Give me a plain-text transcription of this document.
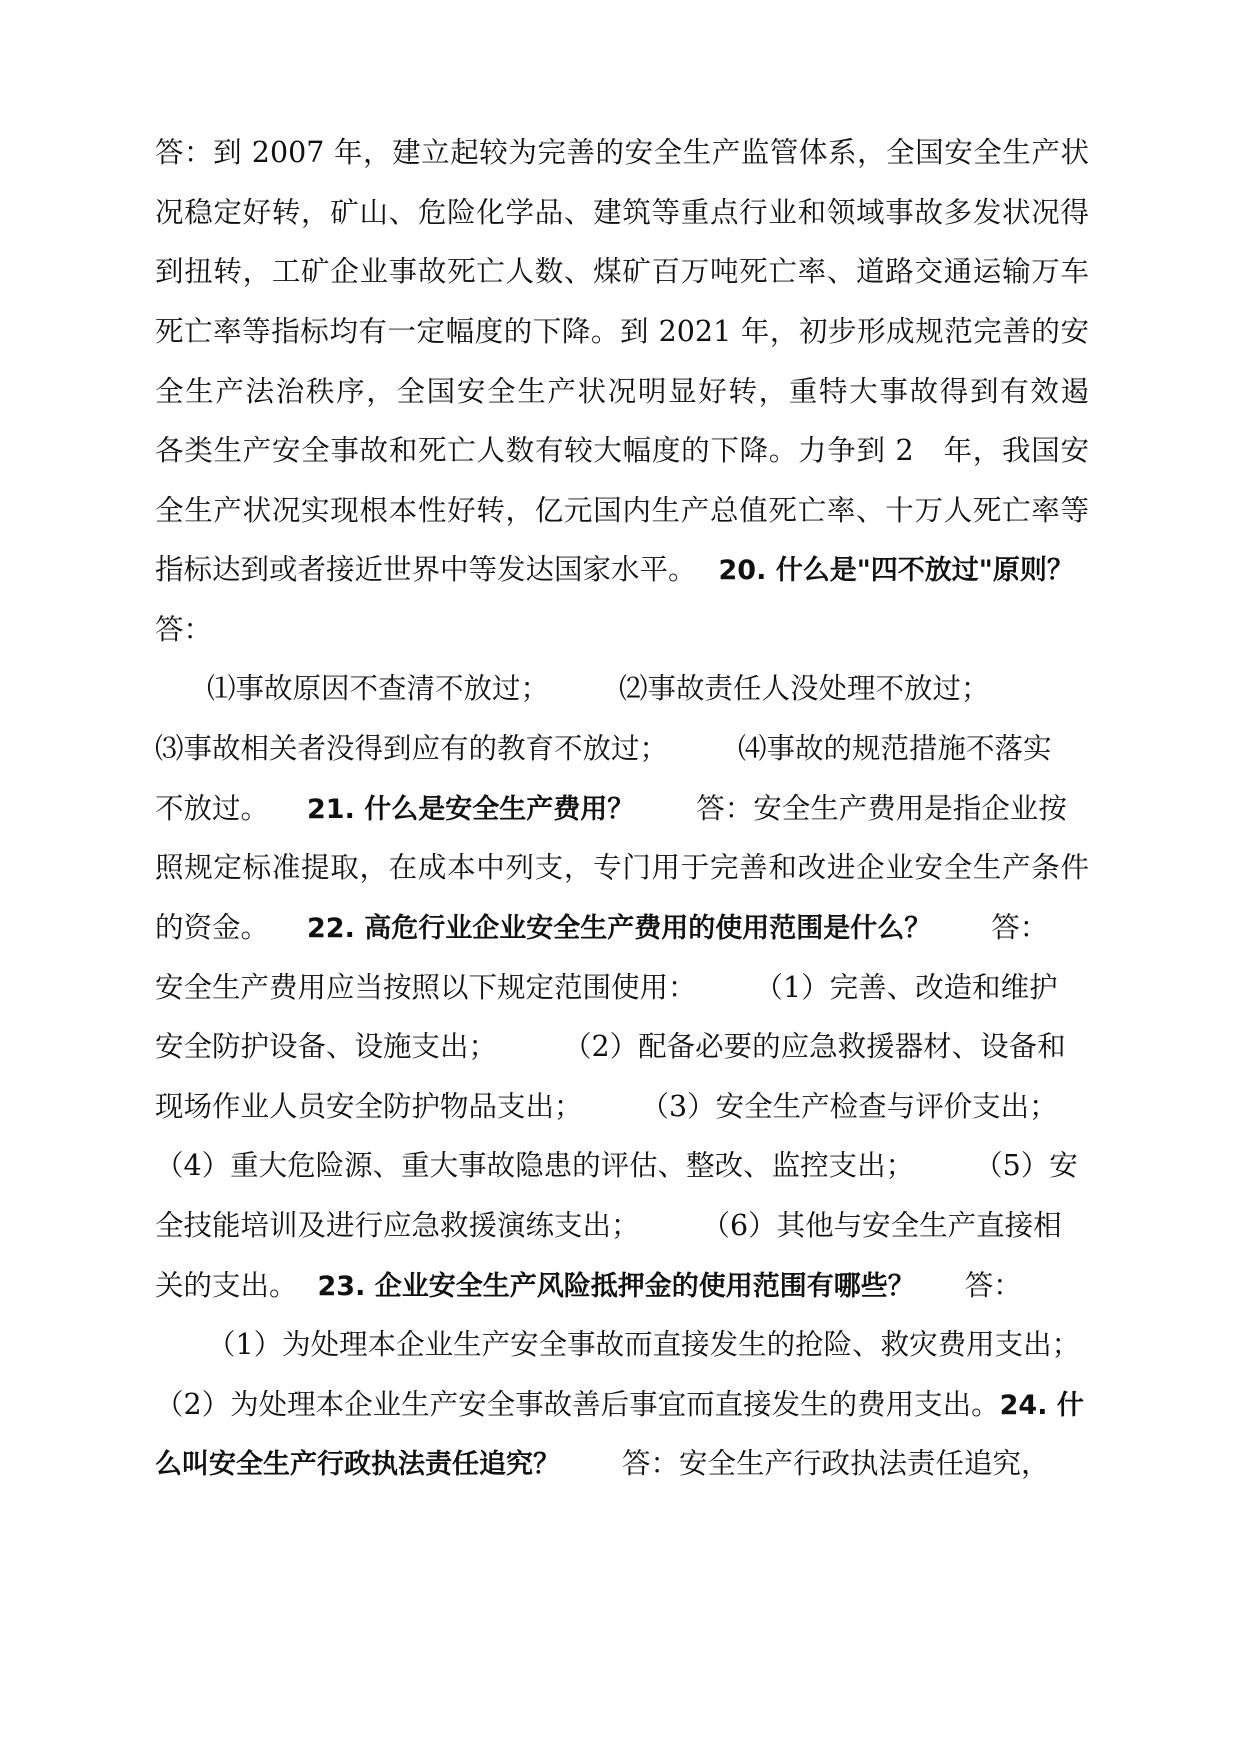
答：到 2007 年，建立起较为完善的安全生产监管体系，全国安全生产状
况稳定好转，矿山、危险化学品、建筑等重点行业和领域事故多发状况得
到扭转，工矿企业事故死亡人数、煤矿百万吨死亡率、道路交通运输万车
死亡率等指标均有一定幅度的下降。到 2021 年，初步形成规范完善的安
全生产法治秩序，全国安全生产状况明显好转，重特大事故得到有效遏
各类生产安全事故和死亡人数有较大幅度的下降。力争到 2　年，我国安
全生产状况实现根本性好转，亿元国内生产总值死亡率、十万人死亡率等
指标达到或者接近世界中等发达国家水平。 20. 什么是"四不放过"原则？
答：
⑴事故原因不查清不放过； ⑵事故责任人没处理不放过；
⑶事故相关者没得到应有的教育不放过； ⑷事故的规范措施不落实
不放过。 21. 什么是安全生产费用？ 答：安全生产费用是指企业按
照规定标准提取，在成本中列支，专门用于完善和改进企业安全生产条件
的资金。 22. 高危行业企业安全生产费用的使用范围是什么？ 答：
安全生产费用应当按照以下规定范围使用： （1）完善、改造和维护
安全防护设备、设施支出； （2）配备必要的应急救援器材、设备和
现场作业人员安全防护物品支出； （3）安全生产检查与评价支出；
（4）重大危险源、重大事故隐患的评估、整改、监控支出； （5）安
全技能培训及进行应急救援演练支出； （6）其他与安全生产直接相
关的支出。 23. 企业安全生产风险抵押金的使用范围有哪些？ 答：
（1）为处理本企业生产安全事故而直接发生的抢险、救灾费用支出；
（2）为处理本企业生产安全事故善后事宜而直接发生的费用支出。24. 什
么叫安全生产行政执法责任追究？ 答：安全生产行政执法责任追究，
